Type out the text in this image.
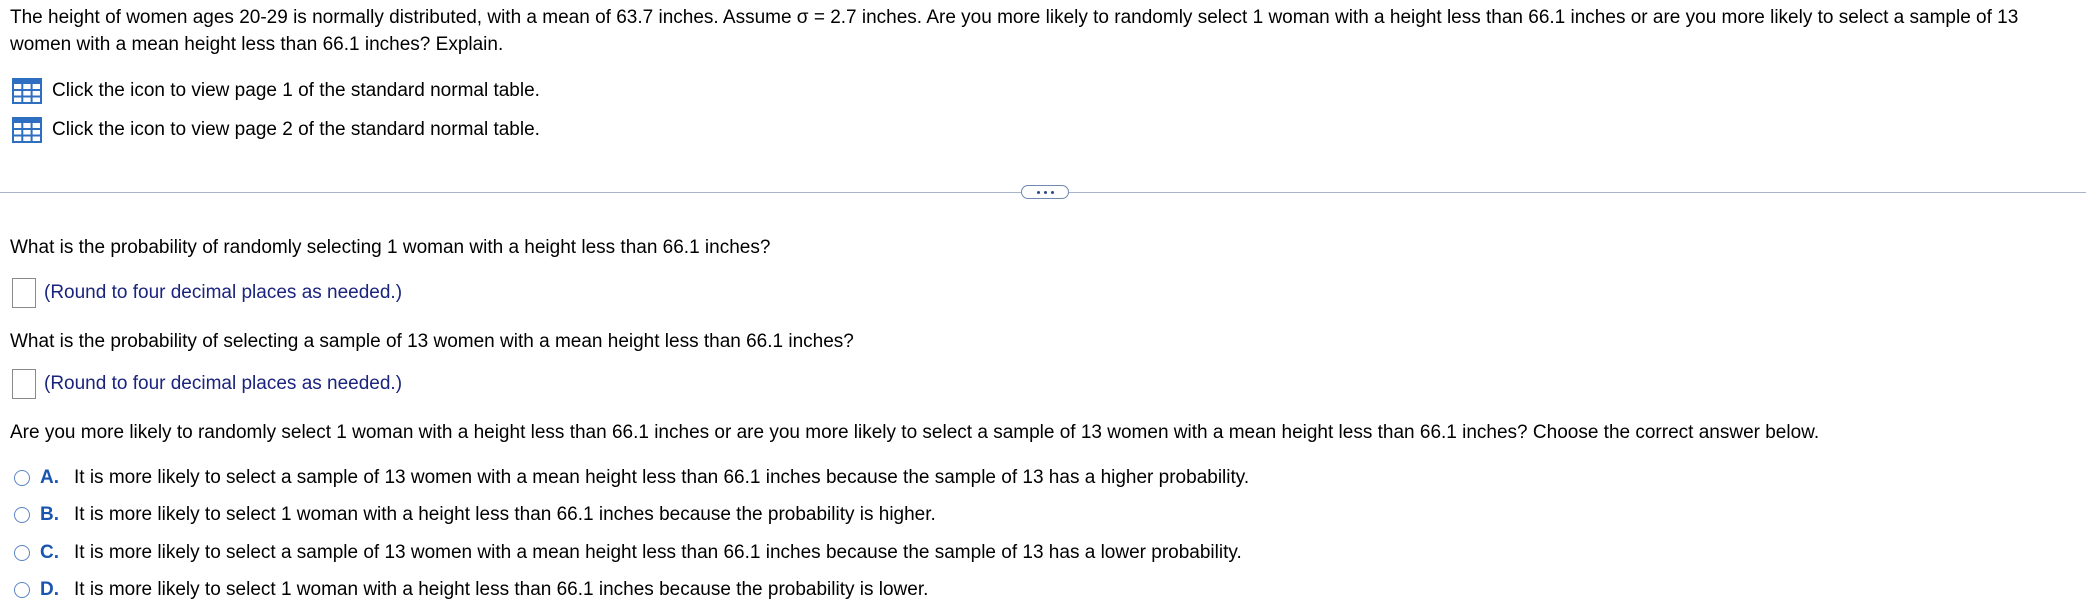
The height of women ages 20-29 is normally distributed, with a mean of 63.7 inches. Assume σ = 2.7 inches. Are you more likely to randomly select 1 woman with a height less than 66.1 inches or are you more likely to select a sample of 13 women with a mean height less than 66.1 inches? Explain.
Click the icon to view page 1 of the standard normal table.
Click the icon to view page 2 of the standard normal table.
What is the probability of randomly selecting 1 woman with a height less than 66.1 inches?
(Round to four decimal places as needed.)
What is the probability of selecting a sample of 13 women with a mean height less than 66.1 inches?
(Round to four decimal places as needed.)
Are you more likely to randomly select 1 woman with a height less than 66.1 inches or are you more likely to select a sample of 13 women with a mean height less than 66.1 inches? Choose the correct answer below.
A. It is more likely to select a sample of 13 women with a mean height less than 66.1 inches because the sample of 13 has a higher probability.
B. It is more likely to select 1 woman with a height less than 66.1 inches because the probability is higher.
C. It is more likely to select a sample of 13 women with a mean height less than 66.1 inches because the sample of 13 has a lower probability.
D. It is more likely to select 1 woman with a height less than 66.1 inches because the probability is lower.
